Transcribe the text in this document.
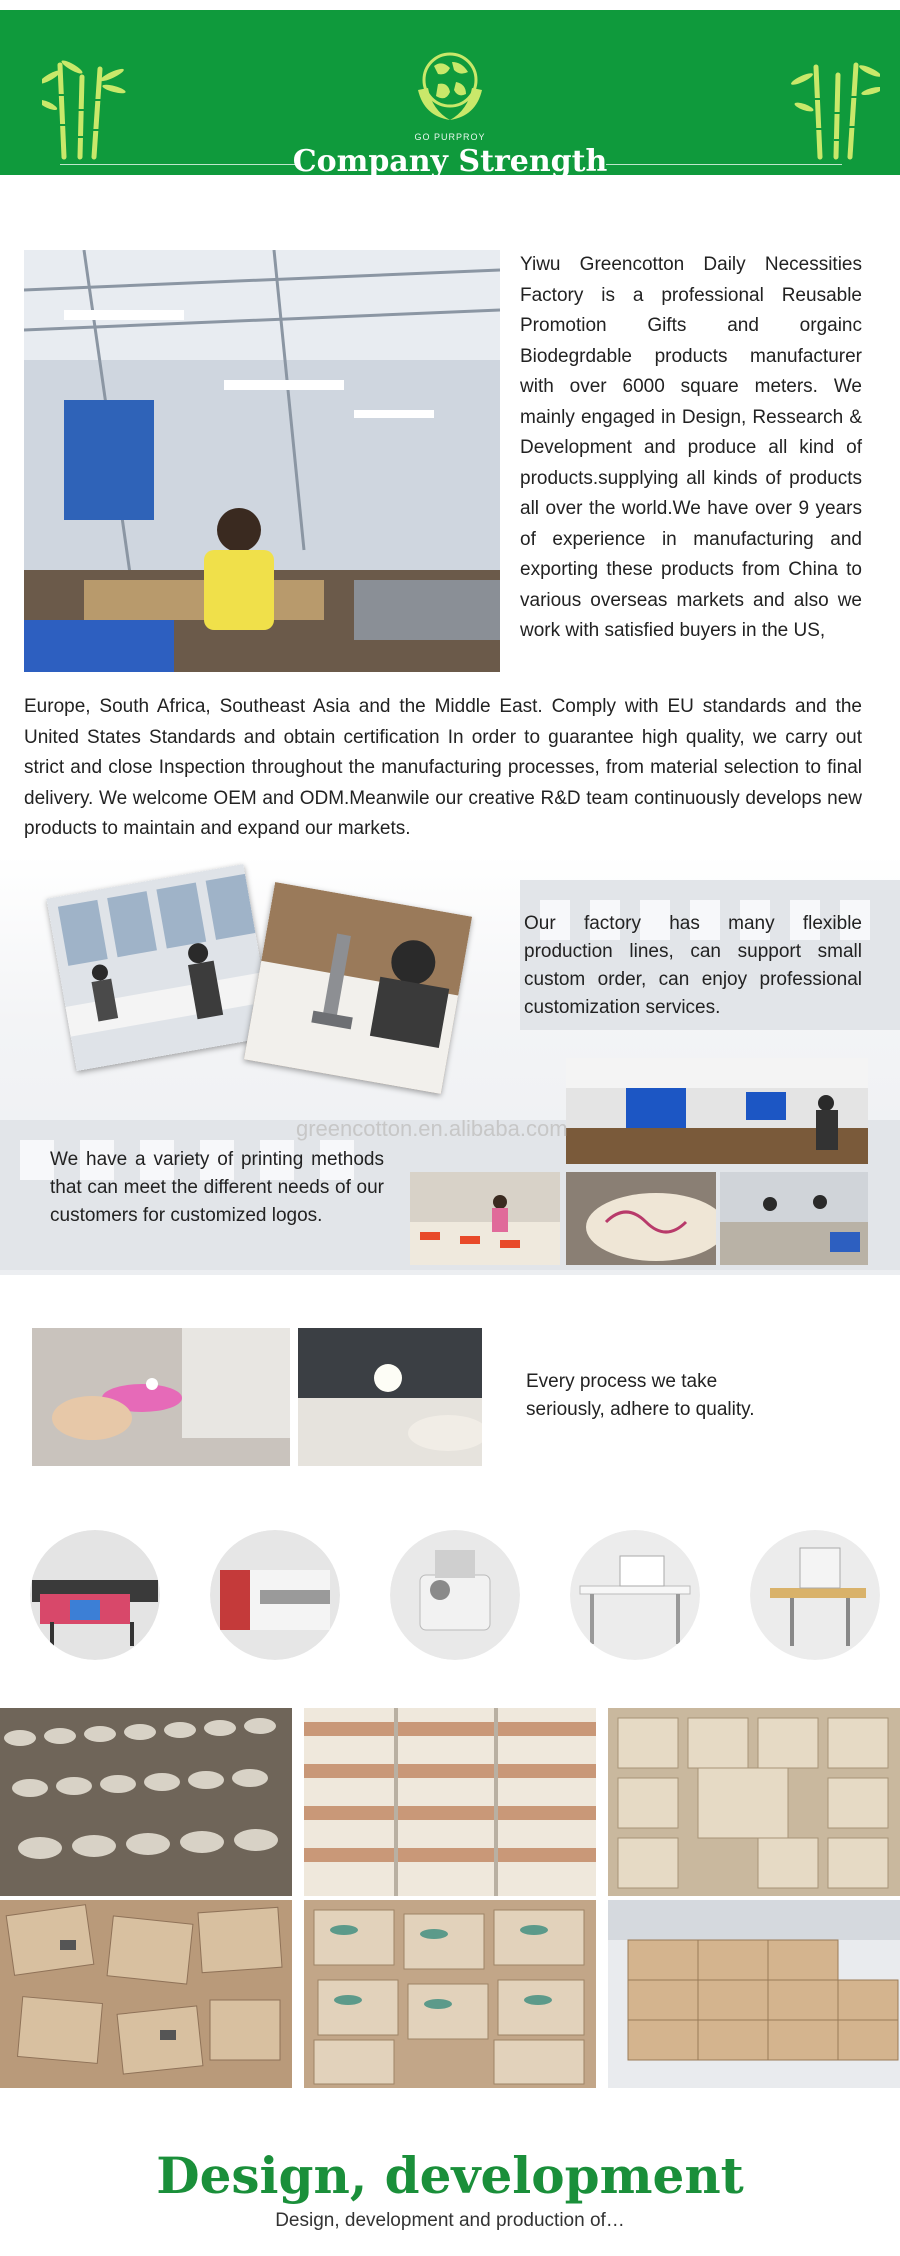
GO PURPROY
Company Strength
Yiwu Greencotton Daily Necessities Factory is a professional Reusable Promotion Gifts and orgainc Biodegrdable products manufacturer with over 6000 square meters. We mainly engaged in Design, Ressearch & Development and produce all kind of products.supplying all kinds of products all over the world.We have over 9 years of experience in manufacturing and exporting these products from China to various overseas markets and also we work with satisfied buyers in the US,
Europe, South Africa, Southeast Asia and the Middle East. Comply with EU standards and the United States Standards and obtain certification In order to guarantee high quality, we carry out strict and close Inspection throughout the manufacturing processes, from material selection to final delivery. We welcome OEM and ODM.Meanwile our creative R&D team continuously develops new products to maintain and expand our markets.
Our factory has many flexible production lines, can support small custom order, can enjoy professional customization services.
greencotton.en.alibaba.com
We have a variety of printing methods that can meet the different needs of our customers for customized logos.
Every process we take seriously, adhere to quality.
Design, development
Design, development and production of…
